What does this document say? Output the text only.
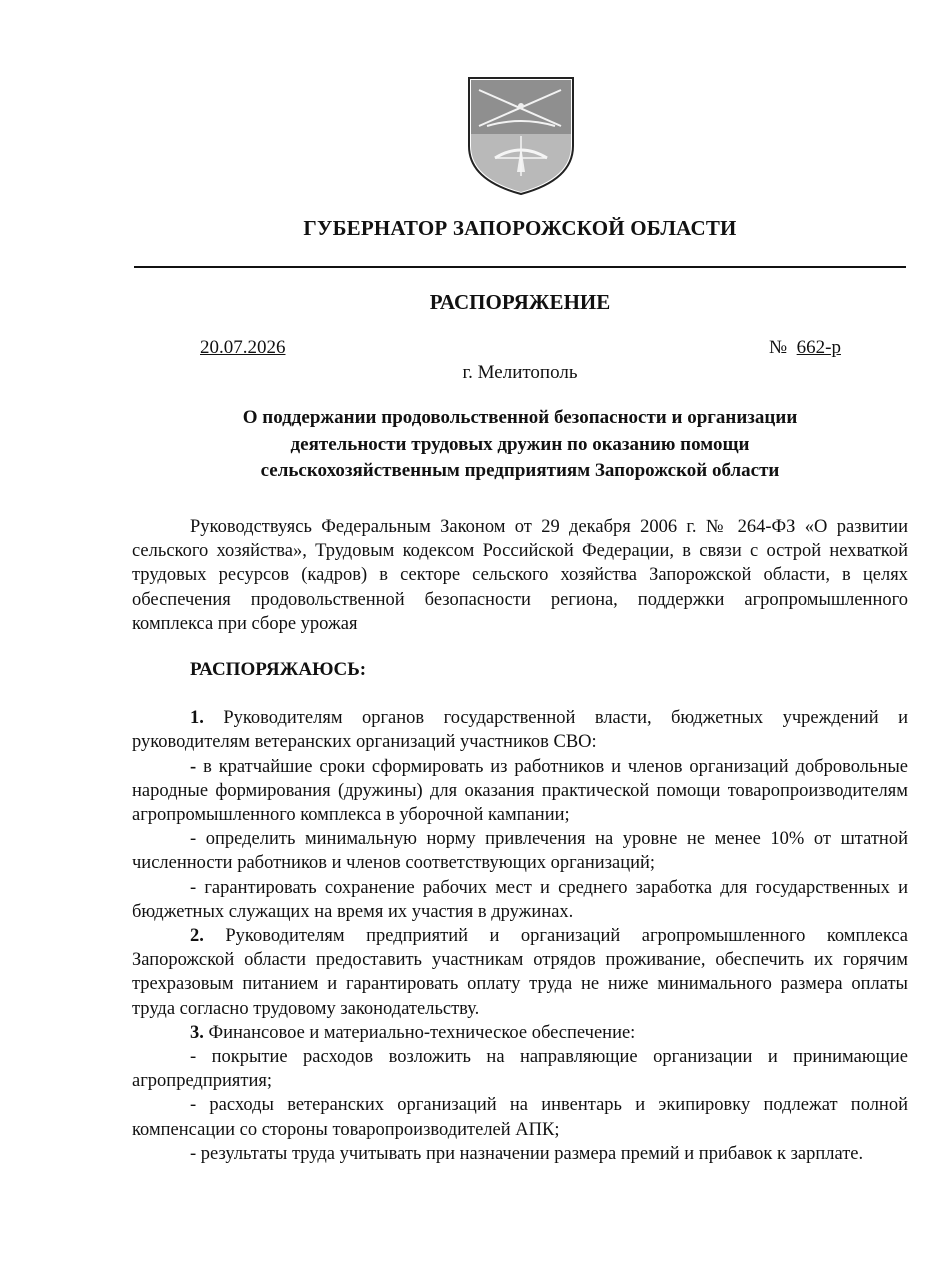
ГУБЕРНАТОР ЗАПОРОЖСКОЙ ОБЛАСТИ
РАСПОРЯЖЕНИЕ
20.07.2026	№ 662-р
г. Мелитополь
О поддержании продовольственной безопасности и организации
деятельности трудовых дружин по оказанию помощи
сельскохозяйственным предприятиям Запорожской области

Руководствуясь Федеральным Законом от 29 декабря 2006 г. № 264-ФЗ «О развитии сельского хозяйства», Трудовым кодексом Российской Федерации, в связи с острой нехваткой трудовых ресурсов (кадров) в секторе сельского хозяйства Запорожской области, в целях обеспечения продовольственной безопасности региона, поддержки агропромышленного комплекса при сборе урожая

РАСПОРЯЖАЮСЬ:

1. Руководителям органов государственной власти, бюджетных учреждений и руководителям ветеранских организаций участников СВО:

- в кратчайшие сроки сформировать из работников и членов организаций добровольные народные формирования (дружины) для оказания практической помощи товаропроизводителям агропромышленного комплекса в уборочной кампании;

- определить минимальную норму привлечения на уровне не менее 10% от штатной численности работников и членов соответствующих организаций;

- гарантировать сохранение рабочих мест и среднего заработка для государственных и бюджетных служащих на время их участия в дружинах.

2. Руководителям предприятий и организаций агропромышленного комплекса Запорожской области предоставить участникам отрядов проживание, обеспечить их горячим трехразовым питанием и гарантировать оплату труда не ниже минимального размера оплаты труда согласно трудовому законодательству.

3. Финансовое и материально-техническое обеспечение:

- покрытие расходов возложить на направляющие организации и принимающие агропредприятия;

- расходы ветеранских организаций на инвентарь и экипировку подлежат полной компенсации со стороны товаропроизводителей АПК;

- результаты труда учитывать при назначении размера премий и прибавок к зарплате.
